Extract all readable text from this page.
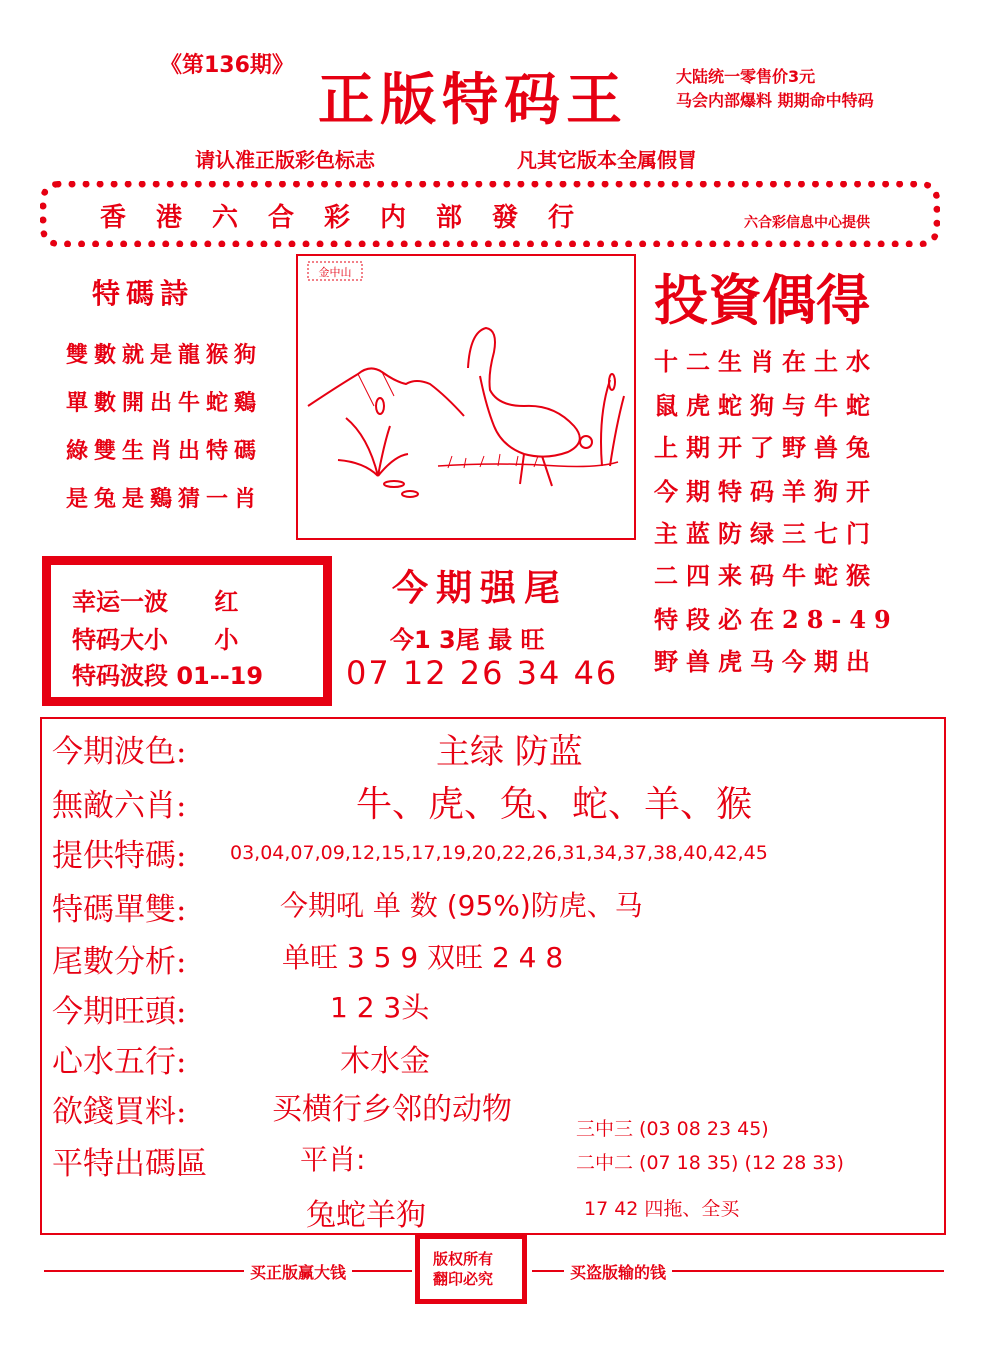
《第136期》
正版特码王	大陆统一零售价3元
马会内部爆料 期期命中特码
请认准正版彩色标志	凡其它版本全属假冒
香港六合彩内部發行	六合彩信息中心提供
特碼詩
雙數就是龍猴狗
單數開出牛蛇鷄
綠雙生肖出特碼
是兔是鷄猜一肖
金中山	投資偶得
十二生肖在土水
鼠虎蛇狗与牛蛇
上期开了野兽兔
今期特码羊狗开
主蓝防绿三七门
二四来码牛蛇猴
特段必在28-49
野兽虎马今期出
幸运一波 红
特码大小 小
特码波段 01--19
今期强尾
今1 3尾 最 旺
07 12 26 34 46
今期波色:	主绿 防蓝
無敵六肖:	牛、虎、兔、蛇、羊、猴
提供特碼: 03,04,07,09,12,15,17,19,20,22,26,31,34,37,38,40,42,45
特碼單雙:	今期吼 单 数 (95%)防虎、马
尾數分析:	单旺 3 5 9 双旺 2 4 8
今期旺頭:	1 2 3头
心水五行:	木水金
欲錢買料:	买横行乡邻的动物
平特出碼區	平肖:
兔蛇羊狗
三中三 (03 08 23 45)
二中二 (07 18 35) (12 28 33)
17 42 四拖、全买
买正版赢大钱	买盗版输的钱
版权所有
翻印必究
